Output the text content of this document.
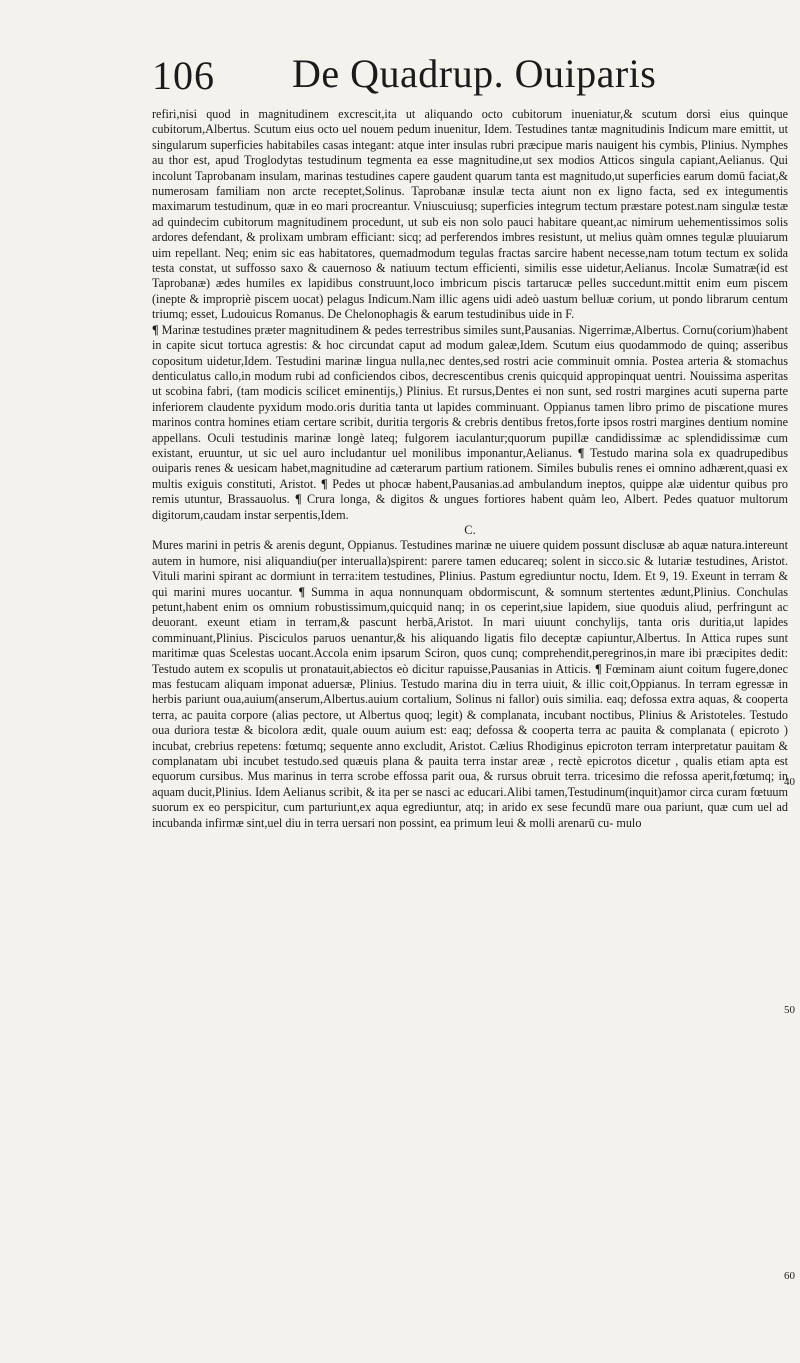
106 De Quadrup. Ouiparis

refiri,nisi quod in magnitudinem excrescit,ita ut aliquando octo cubitorum inueniatur,& scutum dorsi eius quinque cubitorum,Albertus. Scutum eius octo uel nouem pedum inuenitur, Idem. Testudines tantæ magnitudinis Indicum mare emittit, ut singularum superficies habitabiles casas integant: atque inter insulas rubri præcipue maris nauigent his cymbis, Plinius. Nymphes au thor est, apud Troglodytas testudinum tegmenta ea esse magnitudine,ut sex modios Atticos singula capiant,Aelianus. Qui incolunt Taprobanam insulam, marinas testudines capere gaudent quarum tanta est magnitudo,ut superficies earum domū faciat,& numerosam familiam non arcte receptet,Solinus. Taprobanæ insulæ tecta aiunt non ex ligno facta, sed ex integumentis maximarum testudinum, quæ in eo mari procreantur. Vniuscuiusq; superficies integrum tectum præstare potest.nam singulæ testæ ad quindecim cubitorum magnitudinem procedunt, ut sub eis non solo pauci habitare queant,ac nimirum uehementissimos solis ardores defendant, & prolixam umbram efficiant: sicq; ad perferendos imbres resistunt, ut melius quàm omnes tegulæ pluuiarum uim repellant. Neq; enim sic eas habitatores, quemadmodum tegulas fractas sarcire habent necesse,nam totum tectum ex solida testa constat, ut suffosso saxo & cauernoso & natiuum tectum efficienti, similis esse uidetur,Aelianus. Incolæ Sumatræ(id est Taprobanæ) ædes humiles ex lapidibus construunt,loco imbricum piscis tartarucæ pelles succedunt.mittit enim eum piscem (inepte & impropriè piscem uocat) pelagus Indicum.Nam illic agens uidi adeò uastum belluæ corium, ut pondo librarum centum triumq; esset, Ludouicus Romanus. De Chelonophagis & earum testudinibus uide in F.

¶ Marinæ testudines præter magnitudinem & pedes terrestribus similes sunt,Pausanias. Nigerrimæ,Albertus. Cornu(corium)habent in capite sicut tortuca agrestis: & hoc circundat caput ad modum galeæ,Idem. Scutum eius quodammodo de quinq; asseribus copositum uidetur,Idem. Testudini marinæ lingua nulla,nec dentes,sed rostri acie comminuit omnia. Postea arteria & stomachus denticulatus callo,in modum rubi ad conficiendos cibos, decrescentibus crenis quicquid appropinquat uentri. Nouissima asperitas ut scobina fabri, (tam modicis scilicet eminentijs,) Plinius. Et rursus,Dentes ei non sunt, sed rostri margines acuti superna parte inferiorem claudente pyxidum modo.oris duritia tanta ut lapides comminuant. Oppianus tamen libro primo de piscatione mures marinos contra homines etiam certare scribit, duritia tergoris & crebris dentibus fretos,forte ipsos rostri margines dentium nomine appellans. Oculi testudinis marinæ longè lateq; fulgorem iaculantur;quorum pupillæ candidissimæ ac splendidissimæ cum existant, eruuntur, ut sic uel auro includantur uel monilibus imponantur,Aelianus. ¶ Testudo marina sola ex quadrupedibus ouiparis renes & uesicam habet,magnitudine ad cæterarum partium rationem. Similes bubulis renes ei omnino adhærent,quasi ex multis exiguis constituti, Aristot. ¶ Pedes ut phocæ habent,Pausanias.ad ambulandum ineptos, quippe alæ uidentur quibus pro remis utuntur, Brassauolus. ¶ Crura longa, & digitos & ungues fortiores habent quàm leo, Albert. Pedes quatuor multorum digitorum,caudam instar serpentis,Idem.

C.

Mures marini in petris & arenis degunt, Oppianus. Testudines marinæ ne uiuere quidem possunt disclusæ ab aquæ natura.intereunt autem in humore, nisi aliquandiu(per interualla)spirent: parere tamen educareq; solent in sicco.sic & lutariæ testudines, Aristot. Vituli marini spirant ac dormiunt in terra:item testudines, Plinius. Pastum egrediuntur noctu, Idem. Et 9, 19. Exeunt in terram & qui marini mures uocantur. ¶ Summa in aqua nonnunquam obdormiscunt, & somnum stertentes ædunt,Plinius. Conchulas petunt,habent enim os omnium robustissimum,quicquid nanq; in os ceperint,siue lapidem, siue quoduis aliud, perfringunt ac deuorant. exeunt etiam in terram,& pascunt herbā,Aristot. In mari uiuunt conchylijs, tanta oris duritia,ut lapides comminuant,Plinius. Pisciculos paruos uenantur,& his aliquando ligatis filo deceptæ capiuntur,Albertus. In Attica rupes sunt maritimæ quas Scelestas uocant.Accola enim ipsarum Sciron, quos cunq; comprehendit,peregrinos,in mare ibi præcipites dedit: Testudo autem ex scopulis ut pronatauit,abiectos eò dicitur rapuisse,Pausanias in Atticis. ¶ Fœminam aiunt coitum fugere,donec mas festucam aliquam imponat aduersæ, Plinius. Testudo marina diu in terra uiuit, & illic coit,Oppianus. In terram egressæ in herbis pariunt oua,auium(anserum,Albertus.auium cortalium, Solinus ni fallor) ouis similia. eaq; defossa extra aquas, & cooperta terra, ac pauita corpore (alias pectore, ut Albertus quoq; legit) & complanata, incubant noctibus, Plinius & Aristoteles. Testudo oua duriora testæ & bicolora ædit, quale ouum auium est: eaq; defossa & cooperta terra ac pauita & complanata ( epicroto ) incubat, crebrius repetens: fœtumq; sequente anno excludit, Aristot. Cælius Rhodiginus epicroton terram interpretatur pauitam & complanatam ubi incubet testudo.sed quæuis plana & pauita terra instar areæ , rectè epicrotos dicetur , qualis etiam apta est equorum cursibus. Mus marinus in terra scrobe effossa parit oua, & rursus obruit terra. tricesimo die refossa aperit,fœtumq; in aquam ducit,Plinius. Idem Aelianus scribit, & ita per se nasci ac educari.Alibi tamen,Testudinum(inquit)amor circa curam fœtuum suorum ex eo perspicitur, cum parturiunt,ex aqua egrediuntur, atq; in arido ex sese fecundū mare oua pariunt, quæ cum uel ad incubanda infirmæ sint,uel diu in terra uersari non possint, ea primum leui & molli arenarū cu- mulo

40
50
60
